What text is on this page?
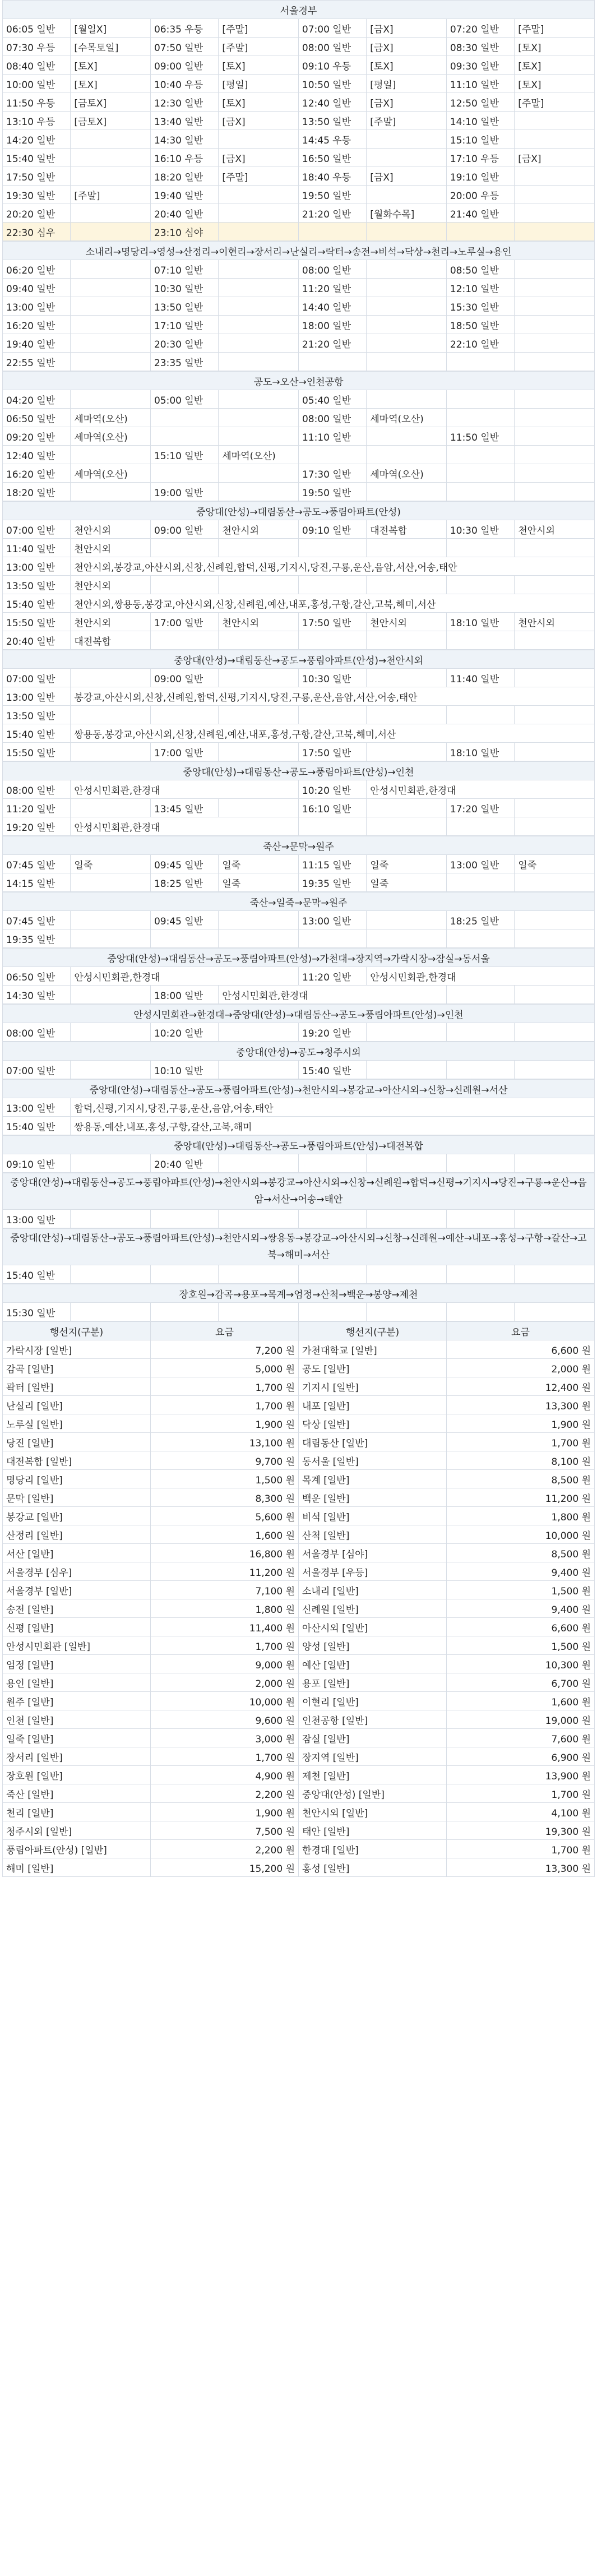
서울경부							
06:05 일반	[월일X]	06:35 우등	[주말]	07:00 일반	[금X]	07:20 일반	[주말]
07:30 우등	[수목토일]	07:50 일반	[주말]	08:00 일반	[금X]	08:30 일반	[토X]
08:40 일반	[토X]	09:00 일반	[토X]	09:10 우등	[토X]	09:30 일반	[토X]
10:00 일반	[토X]	10:40 우등	[평일]	10:50 일반	[평일]	11:10 일반	[토X]
11:50 우등	[금토X]	12:30 일반	[토X]	12:40 일반	[금X]	12:50 일반	[주말]
13:10 우등	[금토X]	13:40 일반	[금X]	13:50 일반	[주말]	14:10 일반	
14:20 일반		14:30 일반		14:45 우등		15:10 일반	
15:40 일반		16:10 우등	[금X]	16:50 일반		17:10 우등	[금X]
17:50 일반		18:20 일반	[주말]	18:40 우등	[금X]	19:10 일반	
19:30 일반	[주말]	19:40 일반		19:50 일반		20:00 우등	
20:20 일반		20:40 일반		21:20 일반	[월화수목]	21:40 일반	
22:30 심우		23:10 심야					
소내리→명당리→영성→산정리→이현리→장서리→난실리→락터→송전→비석→닥상→천리→노루실→용인							
06:20 일반		07:10 일반		08:00 일반		08:50 일반	
09:40 일반		10:30 일반		11:20 일반		12:10 일반	
13:00 일반		13:50 일반		14:40 일반		15:30 일반	
16:20 일반		17:10 일반		18:00 일반		18:50 일반	
19:40 일반		20:30 일반		21:20 일반		22:10 일반	
22:55 일반		23:35 일반					
공도→오산→인천공항							
04:20 일반		05:00 일반		05:40 일반			
06:50 일반	세마역(오산)			08:00 일반	세마역(오산)		
09:20 일반	세마역(오산)			11:10 일반		11:50 일반	
12:40 일반		15:10 일반	세마역(오산)				
16:20 일반	세마역(오산)			17:30 일반	세마역(오산)		
18:20 일반		19:00 일반		19:50 일반			
중앙대(안성)→대림동산→공도→풍림아파트(안성)							
07:00 일반	천안시외	09:00 일반	천안시외	09:10 일반	대전복합	10:30 일반	천안시외
11:40 일반	천안시외						
13:00 일반	천안시외,봉강교,아산시외,신창,신례원,합덕,신평,기지시,당진,구룡,운산,음암,서산,어송,태안						
13:50 일반	천안시외						
15:40 일반	천안시외,쌍용동,봉강교,아산시외,신창,신례원,예산,내포,홍성,구항,갈산,고북,해미,서산						
15:50 일반	천안시외	17:00 일반	천안시외	17:50 일반	천안시외	18:10 일반	천안시외
20:40 일반	대전복합						
중앙대(안성)→대림동산→공도→풍림아파트(안성)→천안시외							
07:00 일반		09:00 일반		10:30 일반		11:40 일반	
13:00 일반	봉강교,아산시외,신창,신례원,합덕,신평,기지시,당진,구룡,운산,음암,서산,어송,태안						
13:50 일반							
15:40 일반	쌍용동,봉강교,아산시외,신창,신례원,예산,내포,홍성,구항,갈산,고북,해미,서산						
15:50 일반		17:00 일반		17:50 일반		18:10 일반	
중앙대(안성)→대림동산→공도→풍림아파트(안성)→인천							
08:00 일반	안성시민회관,한경대			10:20 일반	안성시민회관,한경대		
11:20 일반		13:45 일반		16:10 일반		17:20 일반	
19:20 일반	안성시민회관,한경대						
죽산→문막→원주							
07:45 일반	일죽	09:45 일반	일죽	11:15 일반	일죽	13:00 일반	일죽
14:15 일반		18:25 일반	일죽	19:35 일반	일죽		
죽산→일죽→문막→원주							
07:45 일반		09:45 일반		13:00 일반		18:25 일반	
19:35 일반							
중앙대(안성)→대림동산→공도→풍림아파트(안성)→가천대→장지역→가락시장→잠실→동서울							
06:50 일반	안성시민회관,한경대			11:20 일반	안성시민회관,한경대		
14:30 일반		18:00 일반	안성시민회관,한경대				
안성시민회관→한경대→중앙대(안성)→대림동산→공도→풍림아파트(안성)→인천
08:00 일반		10:20 일반		19:20 일반			
중앙대(안성)→공도→청주시외
07:00 일반		10:10 일반		15:40 일반			
중앙대(안성)→대림동산→공도→풍림아파트(안성)→천안시외→봉강교→아산시외→신창→신례원→서산	
13:00 일반	합덕,신평,기지시,당진,구룡,운산,음암,어송,태안
15:40 일반	쌍용동,예산,내포,홍성,구항,갈산,고북,해미
중앙대(안성)→대림동산→공도→풍림아파트(안성)→대전복합
09:10 일반		20:40 일반					
중앙대(안성)→대림동산→공도→풍림아파트(안성)→천안시외→봉강교→아산시외→신창→신례원→합덕→신평→기지시→당진→구룡→운산→음암→서산→어송→태안
13:00 일반							
중앙대(안성)→대림동산→공도→풍림아파트(안성)→천안시외→쌍용동→봉강교→아산시외→신창→신례원→예산→내포→홍성→구항→갈산→고북→해미→서산
15:40 일반							
장호원→감곡→용포→목계→엄정→산척→백운→봉양→제천
15:30 일반							
행선지(구분)	요금	행선지(구분)	요금
가락시장 [일반]	7,200 원	가천대학교 [일반]	6,600 원
감곡 [일반]	5,000 원	공도 [일반]	2,000 원
곽터 [일반]	1,700 원	기지시 [일반]	12,400 원
난실리 [일반]	1,700 원	내포 [일반]	13,300 원
노루실 [일반]	1,900 원	닥상 [일반]	1,900 원
당진 [일반]	13,100 원	대림동산 [일반]	1,700 원
대전복합 [일반]	9,700 원	동서울 [일반]	8,100 원
명당리 [일반]	1,500 원	목계 [일반]	8,500 원
문막 [일반]	8,300 원	백운 [일반]	11,200 원
봉강교 [일반]	5,600 원	비석 [일반]	1,800 원
산정리 [일반]	1,600 원	산척 [일반]	10,000 원
서산 [일반]	16,800 원	서울경부 [심야]	8,500 원
서울경부 [심우]	11,200 원	서울경부 [우등]	9,400 원
서울경부 [일반]	7,100 원	소내리 [일반]	1,500 원
송전 [일반]	1,800 원	신례원 [일반]	9,400 원
신평 [일반]	11,400 원	아산시외 [일반]	6,600 원
안성시민회관 [일반]	1,700 원	양성 [일반]	1,500 원
엄정 [일반]	9,000 원	예산 [일반]	10,300 원
용인 [일반]	2,000 원	용포 [일반]	6,700 원
원주 [일반]	10,000 원	이현리 [일반]	1,600 원
인천 [일반]	9,600 원	인천공항 [일반]	19,000 원
일죽 [일반]	3,000 원	잠실 [일반]	7,600 원
장서리 [일반]	1,700 원	장지역 [일반]	6,900 원
장호원 [일반]	4,900 원	제천 [일반]	13,900 원
죽산 [일반]	2,200 원	중앙대(안성) [일반]	1,700 원
천리 [일반]	1,900 원	천안시외 [일반]	4,100 원
청주시외 [일반]	7,500 원	태안 [일반]	19,300 원
풍림아파트(안성) [일반]	2,200 원	한경대 [일반]	1,700 원
해미 [일반]	15,200 원	홍성 [일반]	13,300 원
